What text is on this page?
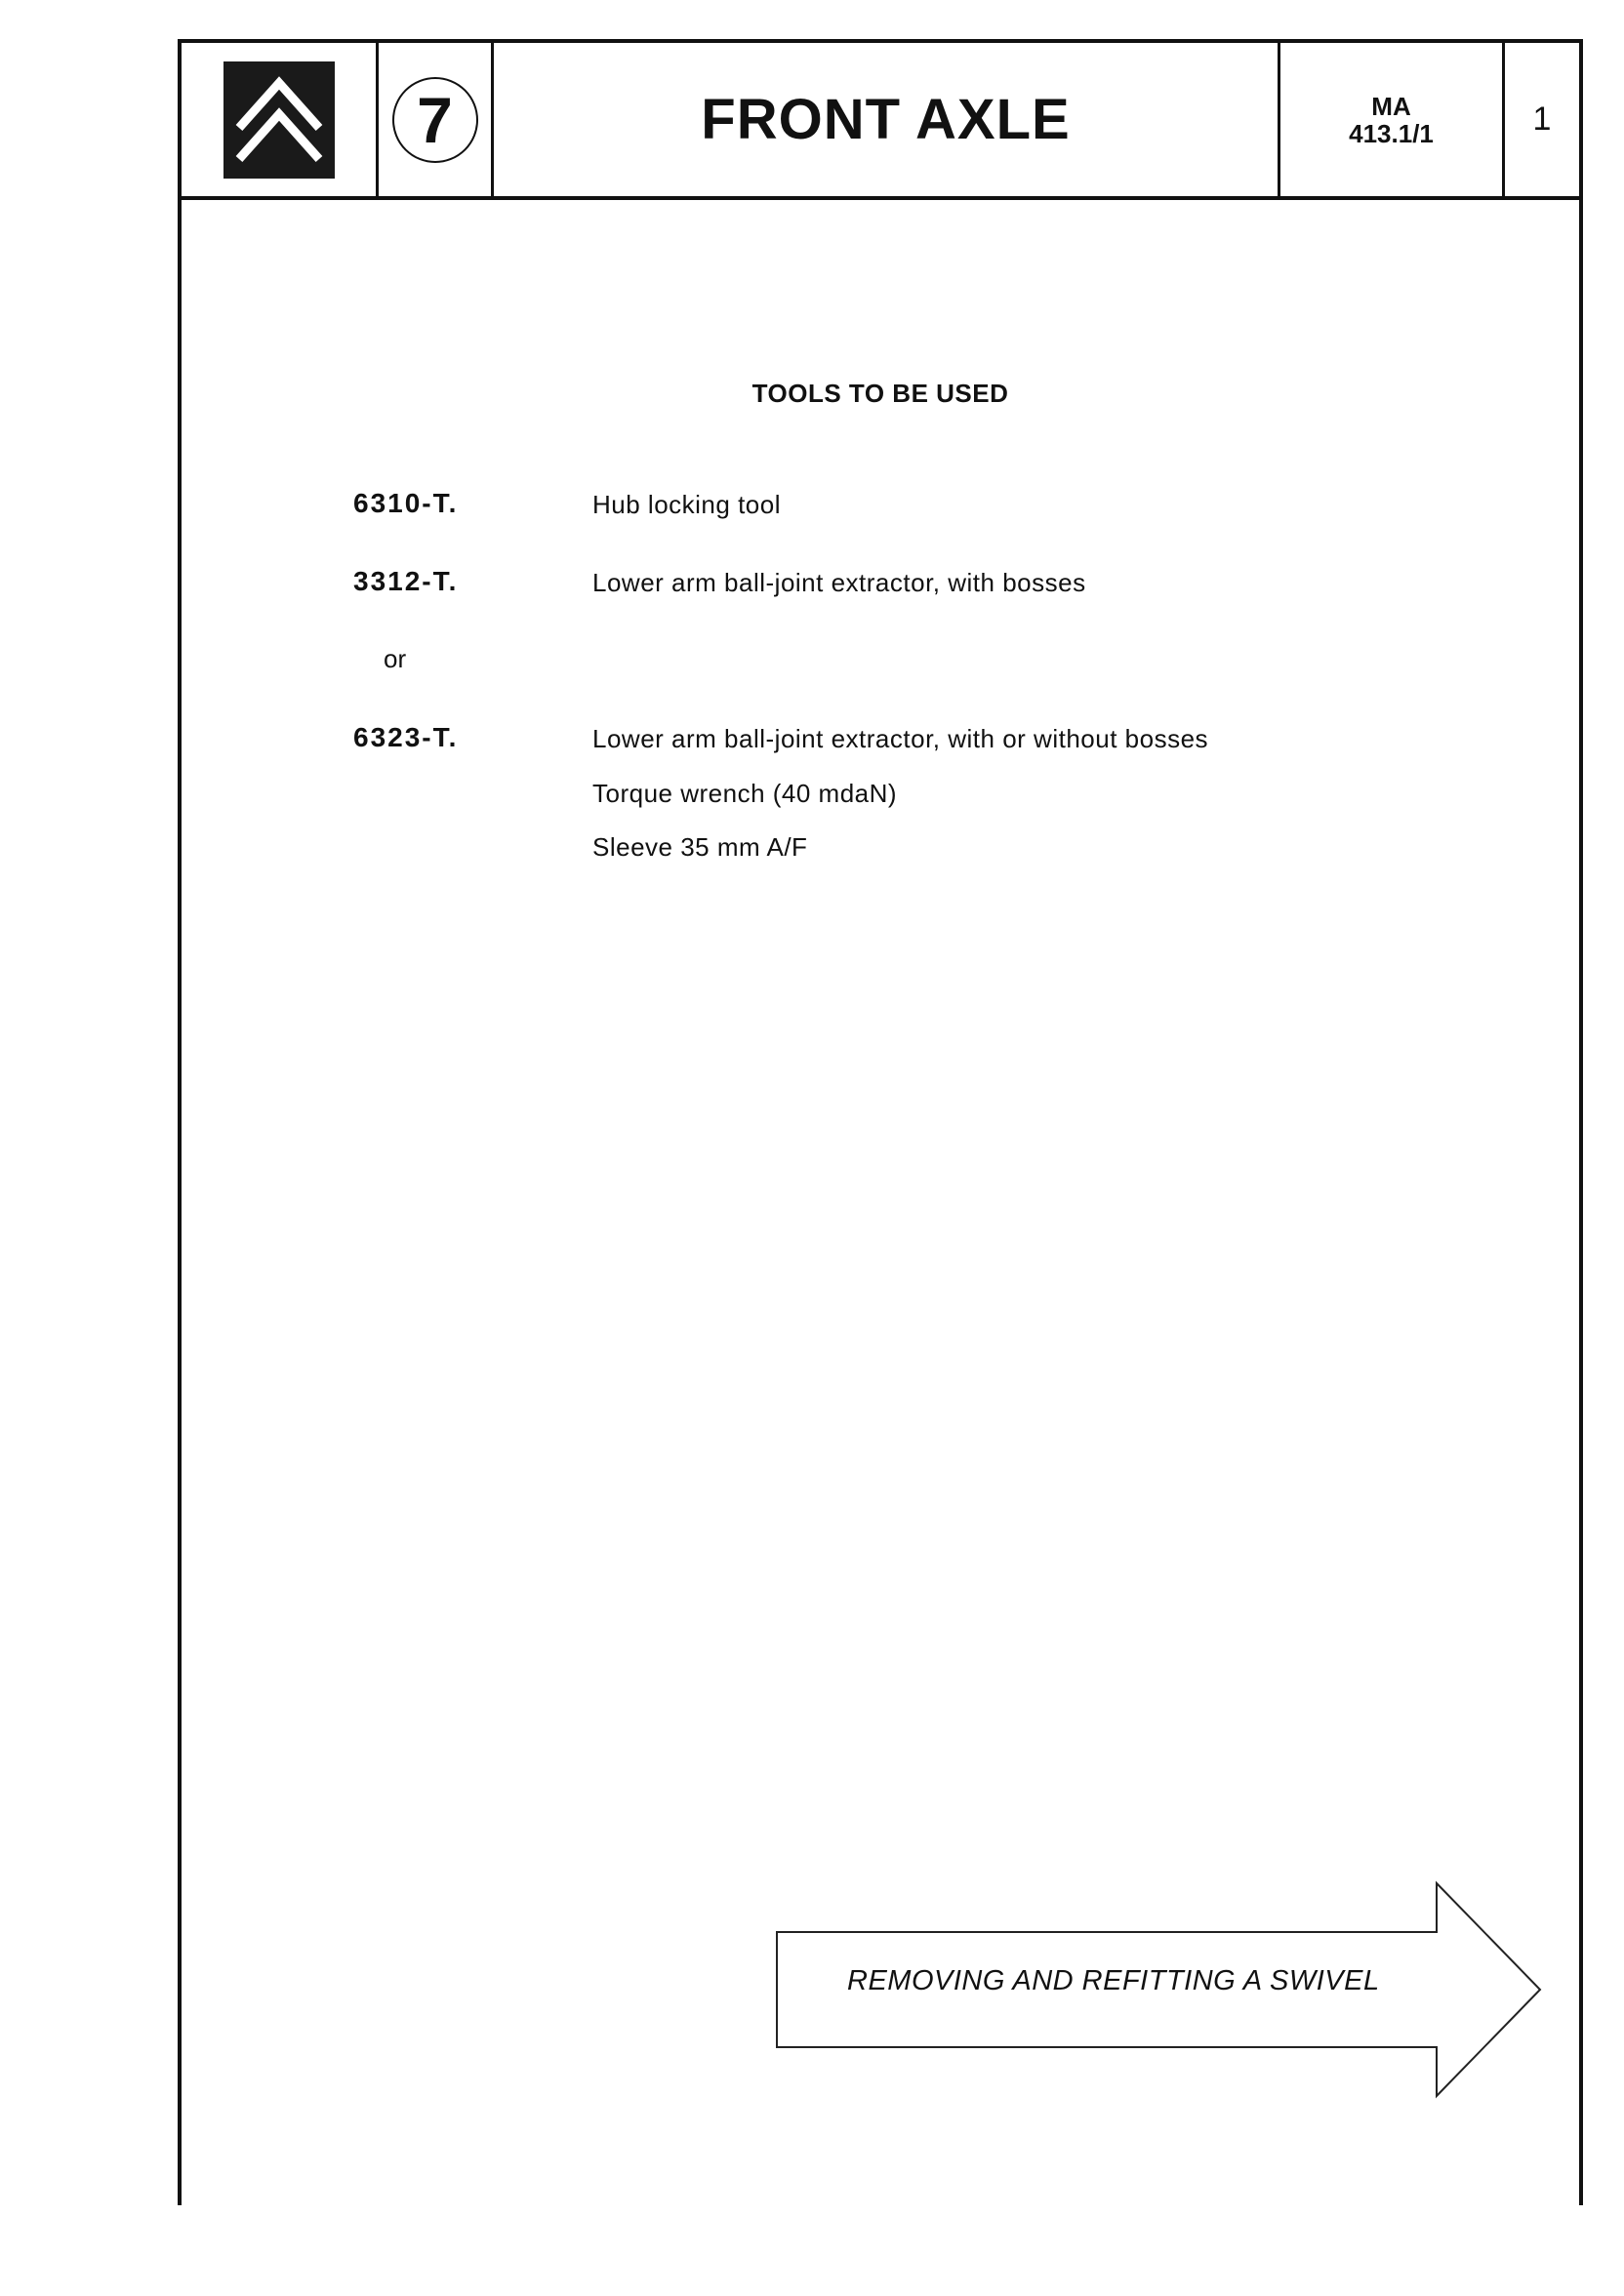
7	FRONT AXLE	MA
413.1/1	1
TOOLS TO BE USED
6310-T.	Hub locking tool
3312-T.	Lower arm ball-joint extractor, with bosses
or
6323-T.	Lower arm ball-joint extractor, with or without bosses
Torque wrench (40 mdaN)
Sleeve 35 mm A/F
REMOVING AND REFITTING A SWIVEL
